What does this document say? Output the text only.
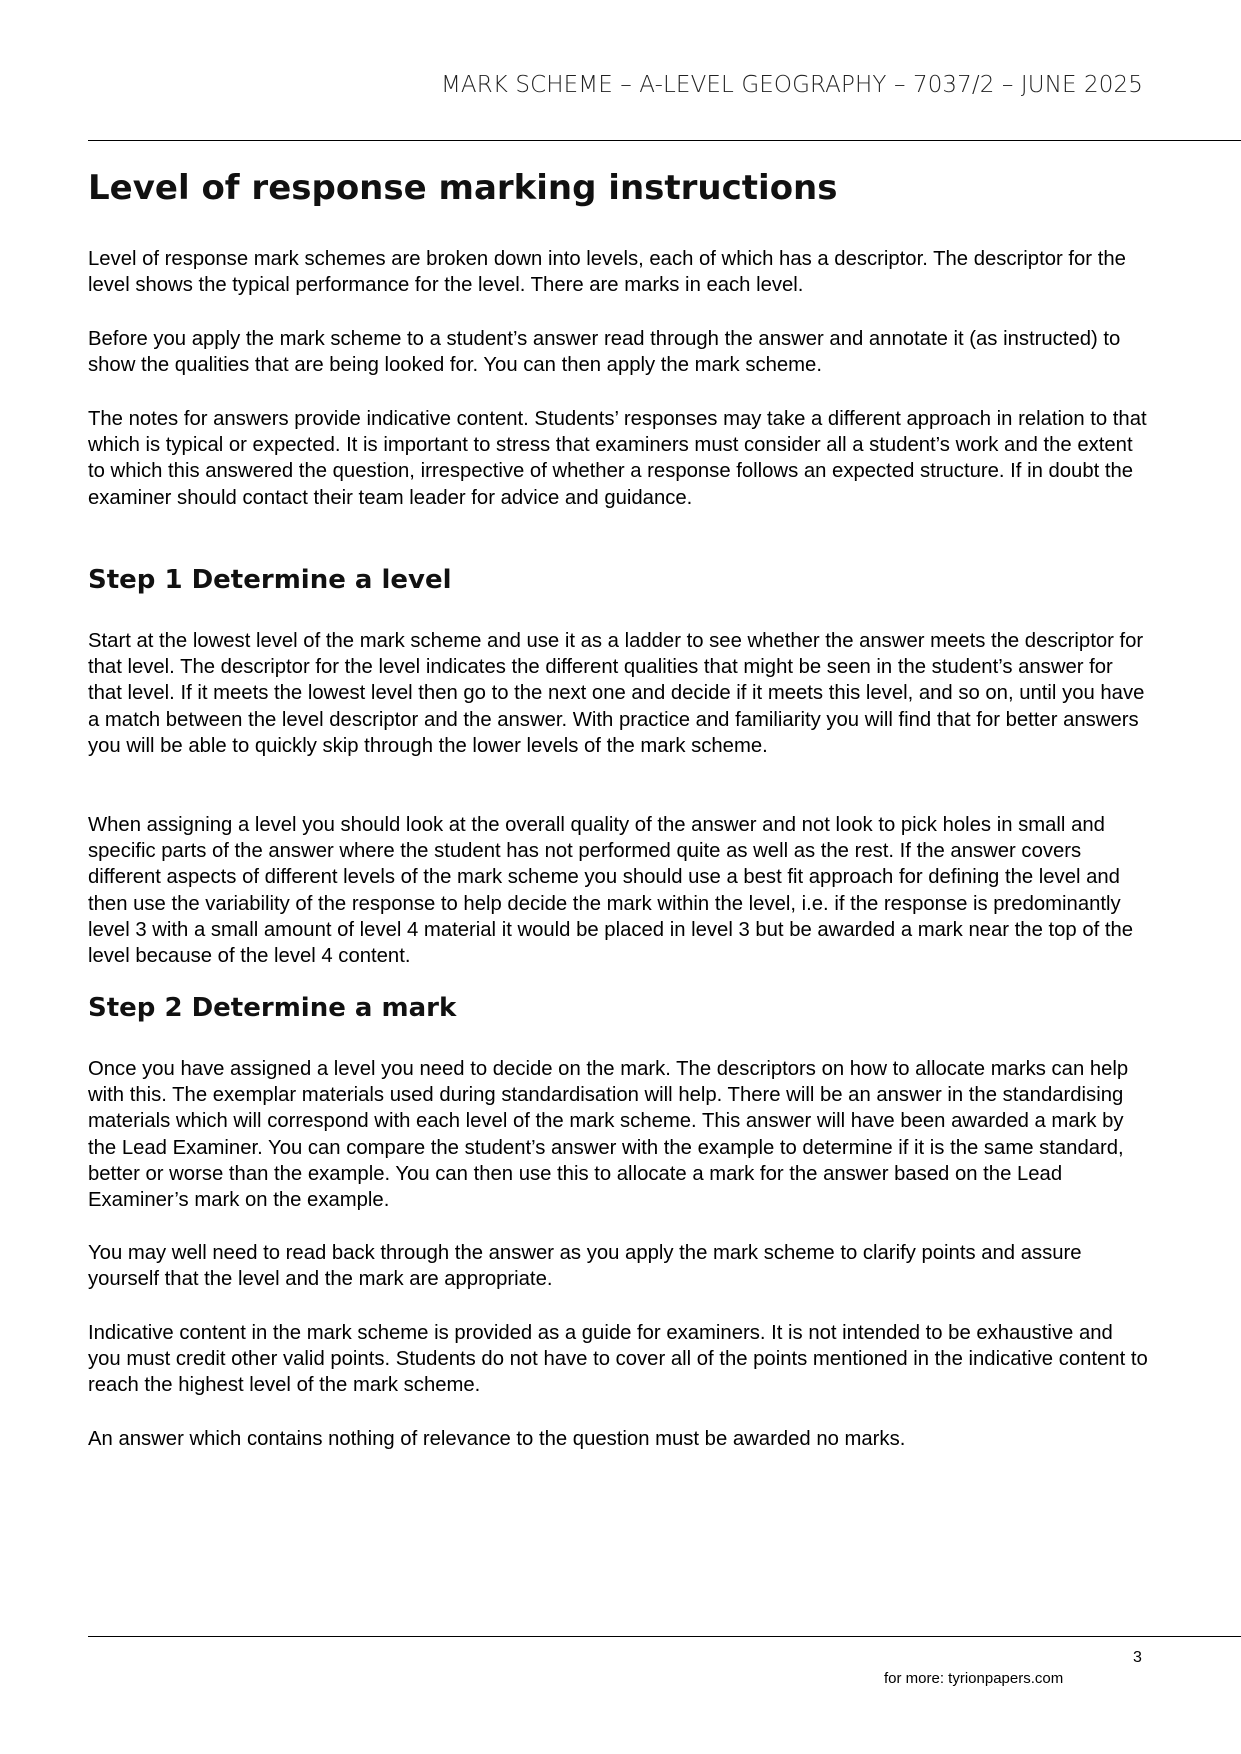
MARK SCHEME – A-LEVEL GEOGRAPHY – 7037/2 – JUNE 2025
Level of response marking instructions

Level of response mark schemes are broken down into levels, each of which has a descriptor. The descriptor for the level shows the typical performance for the level. There are marks in each level.

Before you apply the mark scheme to a student’s answer read through the answer and annotate it (as instructed) to show the qualities that are being looked for. You can then apply the mark scheme.

The notes for answers provide indicative content. Students’ responses may take a different approach in relation to that which is typical or expected. It is important to stress that examiners must consider all a student’s work and the extent to which this answered the question, irrespective of whether a response follows an expected structure. If in doubt the examiner should contact their team leader for advice and guidance.

Step 1 Determine a level

Start at the lowest level of the mark scheme and use it as a ladder to see whether the answer meets the descriptor for that level. The descriptor for the level indicates the different qualities that might be seen in the student’s answer for that level. If it meets the lowest level then go to the next one and decide if it meets this level, and so on, until you have a match between the level descriptor and the answer. With practice and familiarity you will find that for better answers you will be able to quickly skip through the lower levels of the mark scheme.

When assigning a level you should look at the overall quality of the answer and not look to pick holes in small and specific parts of the answer where the student has not performed quite as well as the rest. If the answer covers different aspects of different levels of the mark scheme you should use a best fit approach for defining the level and then use the variability of the response to help decide the mark within the level, i.e. if the response is predominantly level 3 with a small amount of level 4 material it would be placed in level 3 but be awarded a mark near the top of the level because of the level 4 content.

Step 2 Determine a mark

Once you have assigned a level you need to decide on the mark. The descriptors on how to allocate marks can help with this. The exemplar materials used during standardisation will help. There will be an answer in the standardising materials which will correspond with each level of the mark scheme. This answer will have been awarded a mark by the Lead Examiner. You can compare the student’s answer with the example to determine if it is the same standard, better or worse than the example. You can then use this to allocate a mark for the answer based on the Lead Examiner’s mark on the example.

You may well need to read back through the answer as you apply the mark scheme to clarify points and assure yourself that the level and the mark are appropriate.

Indicative content in the mark scheme is provided as a guide for examiners. It is not intended to be exhaustive and you must credit other valid points. Students do not have to cover all of the points mentioned in the indicative content to reach the highest level of the mark scheme.

An answer which contains nothing of relevance to the question must be awarded no marks.

3
for more: tyrionpapers.com
